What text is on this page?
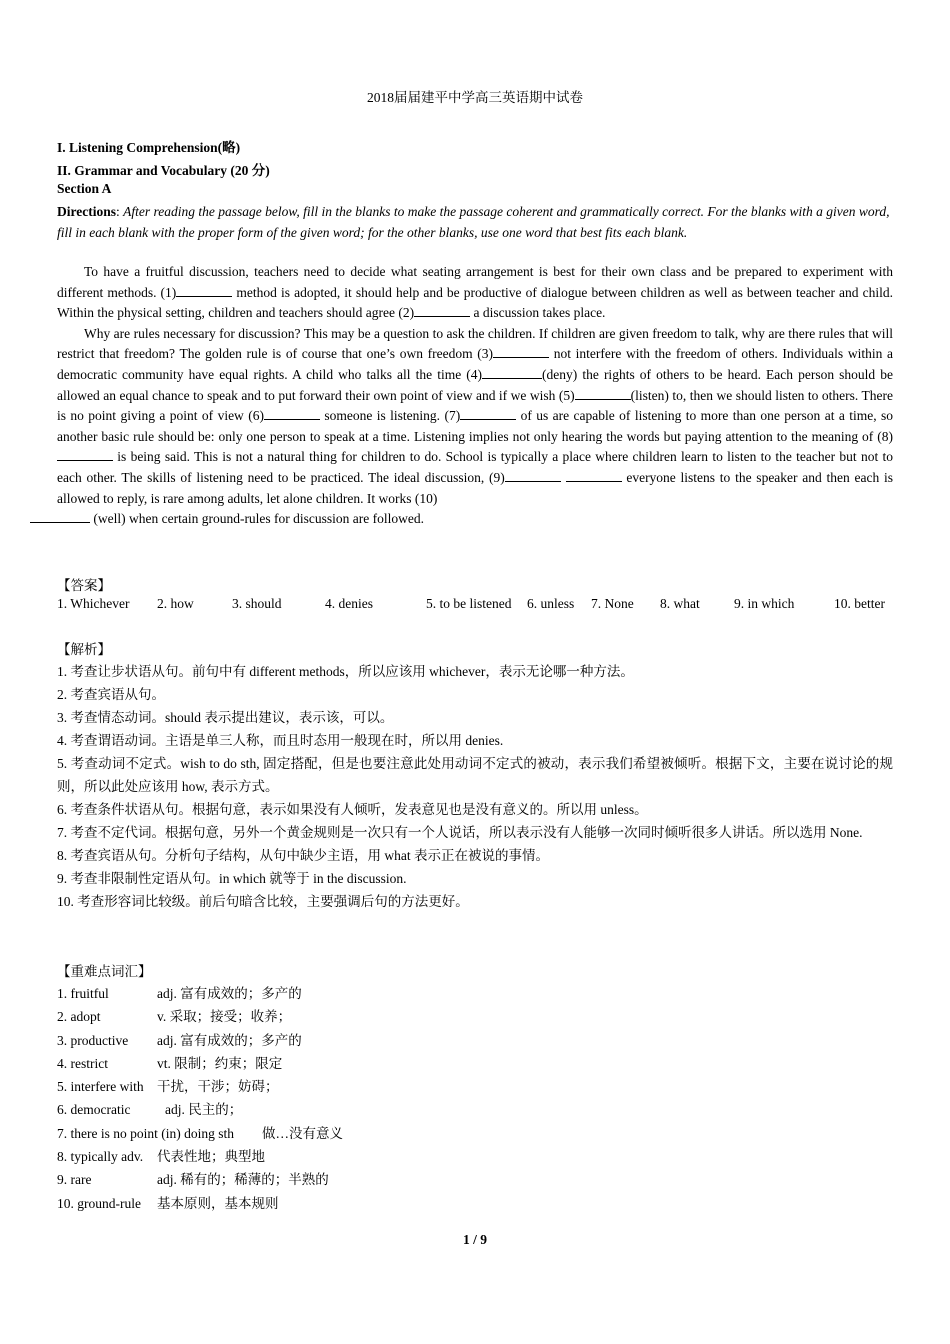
2018届届建平中学高三英语期中试卷
I. Listening Comprehension(略)
II. Grammar and Vocabulary (20 分)
Section A
Directions: After reading the passage below, fill in the blanks to make the passage coherent and grammatically correct. For the blanks with a given word, fill in each blank with the proper form of the given word; for the other blanks, use one word that best fits each blank.

To have a fruitful discussion, teachers need to decide what seating arrangement is best for their own class and be prepared to experiment with different methods. (1)	method is adopted, it should help and be productive of dialogue between children as well as between teacher and child. Within the physical setting, children and teachers should agree (2)	a discussion takes place.

Why are rules necessary for discussion? This may be a question to ask the children. If children are given freedom to talk, why are there rules that will restrict that freedom? The golden rule is of course that one’s own freedom (3)	not interfere with the freedom of others. Individuals within a democratic community have equal rights. A child who talks all the time (4)	(deny) the rights of others to be heard. Each person should be allowed an equal chance to speak and to put forward their own point of view and if we wish (5)	(listen) to, then we should listen to others. There is no point giving a point of view (6)	someone is listening. (7)	of us are capable of listening to more than one person at a time, so another basic rule should be: only one person to speak at a time. Listening implies not only hearing the words but paying attention to the meaning of (8) is being said. This is not a natural thing for children to do. School is typically a place where children learn to listen to the teacher but not to each other. The skills of listening need to be practiced. The ideal discussion, (9)	everyone listens to the speaker and then each is allowed to reply, is rare among adults, let alone children. It works (10)
(well) when certain ground-rules for discussion are followed.

【答案】
1. Whichever 2. how	3. should	4. denies	5. to be listened 6. unless 7. None 8. what	9. in which	10. better
【解析】
1. 考查让步状语从句。前句中有 different methods，所以应该用 whichever，表示无论哪一种方法。
2. 考查宾语从句。
3. 考查情态动词。should 表示提出建议，表示该，可以。
4. 考查谓语动词。主语是单三人称，而且时态用一般现在时，所以用 denies.
5. 考查动词不定式。wish to do sth, 固定搭配，但是也要注意此处用动词不定式的被动，表示我们希望被倾听。根据下文，主要在说讨论的规则，所以此处应该用 how, 表示方式。
6. 考查条件状语从句。根据句意，表示如果没有人倾听，发表意见也是没有意义的。所以用 unless。
7. 考查不定代词。根据句意，另外一个黄金规则是一次只有一个人说话，所以表示没有人能够一次同时倾听很多人讲话。所以选用 None.
8. 考查宾语从句。分析句子结构，从句中缺少主语，用 what 表示正在被说的事情。
9. 考查非限制性定语从句。in which 就等于 in the discussion.
10. 考查形容词比较级。前后句暗含比较，主要强调后句的方法更好。
【重难点词汇】
1. fruitful	adj. 富有成效的；多产的
2. adopt	v. 采取；接受；收养；
3. productive adj. 富有成效的；多产的
4. restrict	vt. 限制；约束；限定
5. interfere with 干扰，干涉；妨碍；
6. democratic	adj. 民主的；
7. there is no point (in) doing sth 做…没有意义
8. typically adv. 代表性地；典型地
9. rare	adj. 稀有的；稀薄的；半熟的
10. ground-rule 基本原则，基本规则
1 / 9
